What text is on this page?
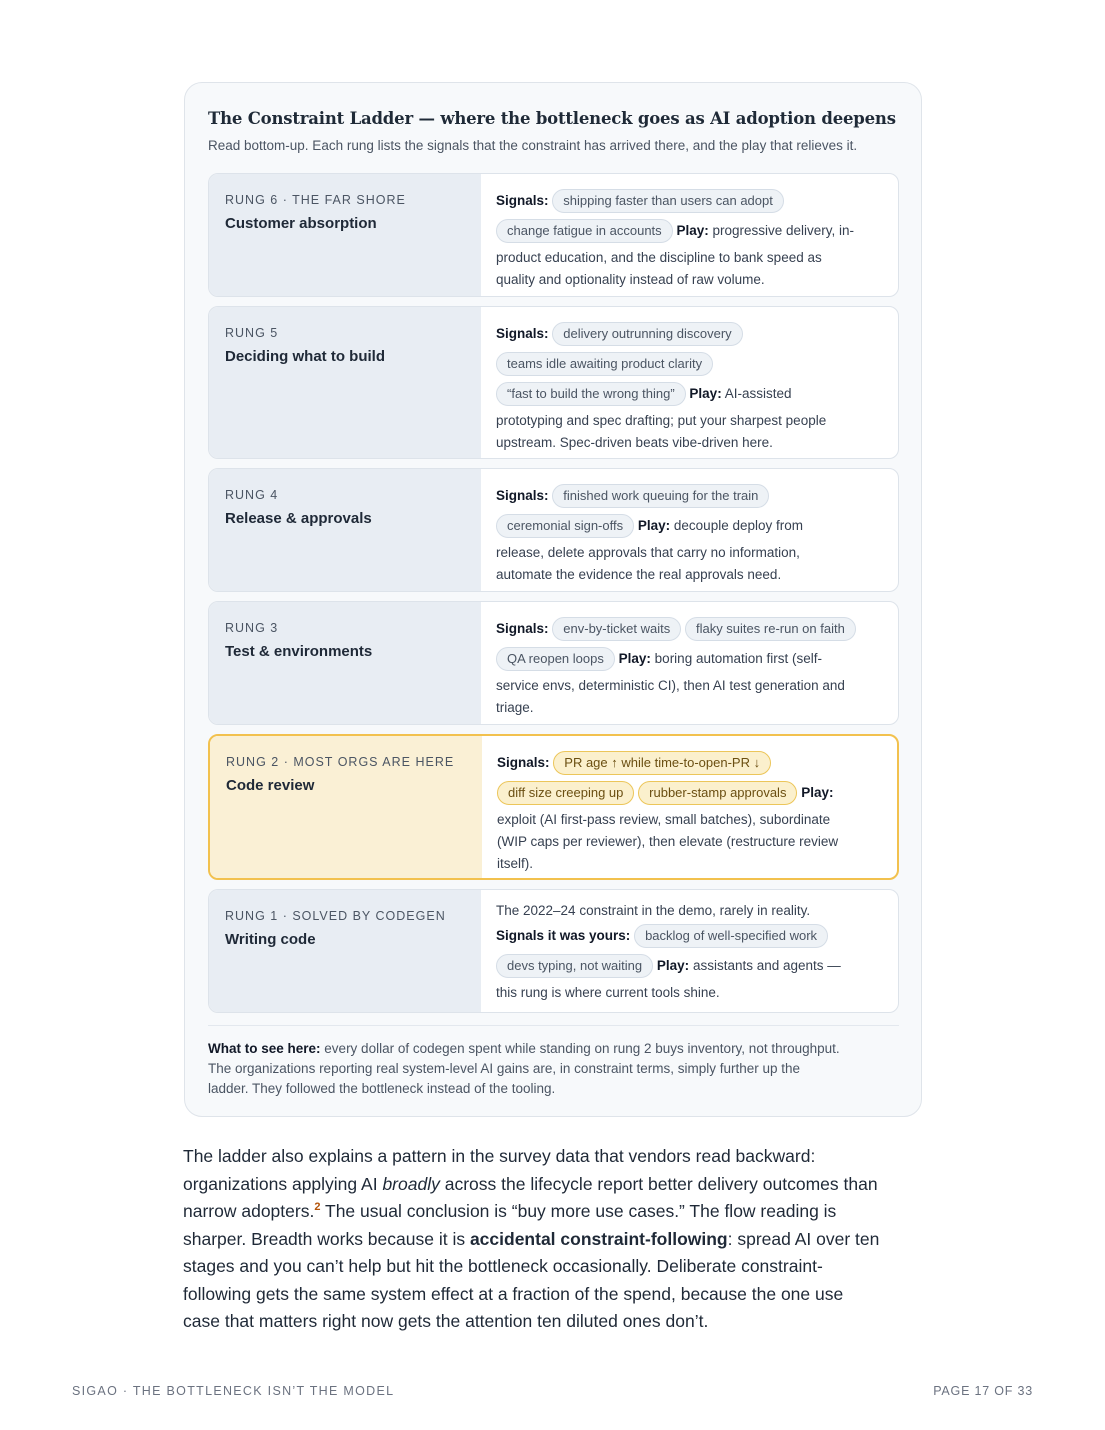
The Constraint Ladder — where the bottleneck goes as AI adoption deepens
Read bottom-up. Each rung lists the signals that the constraint has arrived there, and the play that relieves it.
RUNG 6 · THE FAR SHORE
Customer absorption
Signals: shipping faster than users can adopt
change fatigue in accounts Play: progressive delivery, in-
product education, and the discipline to bank speed as
quality and optionality instead of raw volume.
RUNG 5
Deciding what to build
Signals: delivery outrunning discovery
teams idle awaiting product clarity
“fast to build the wrong thing” Play: AI-assisted
prototyping and spec drafting; put your sharpest people
upstream. Spec-driven beats vibe-driven here.
RUNG 4
Release & approvals
Signals: finished work queuing for the train
ceremonial sign-offs Play: decouple deploy from
release, delete approvals that carry no information,
automate the evidence the real approvals need.
RUNG 3
Test & environments
Signals: env-by-ticket waits flaky suites re-run on faith
QA reopen loops Play: boring automation first (self-
service envs, deterministic CI), then AI test generation and
triage.
RUNG 2 · MOST ORGS ARE HERE
Code review
Signals: PR age ↑ while time-to-open-PR ↓
diff size creeping up rubber-stamp approvals Play:
exploit (AI first-pass review, small batches), subordinate
(WIP caps per reviewer), then elevate (restructure review
itself).
RUNG 1 · SOLVED BY CODEGEN
Writing code
The 2022–24 constraint in the demo, rarely in reality.
Signals it was yours: backlog of well-specified work
devs typing, not waiting Play: assistants and agents —
this rung is where current tools shine.
What to see here: every dollar of codegen spent while standing on rung 2 buys inventory, not throughput.
The organizations reporting real system-level AI gains are, in constraint terms, simply further up the
ladder. They followed the bottleneck instead of the tooling.
The ladder also explains a pattern in the survey data that vendors read backward:
organizations applying AI broadly across the lifecycle report better delivery outcomes than
narrow adopters.$^2$ The usual conclusion is “buy more use cases.” The flow reading is
sharper. Breadth works because it is accidental constraint-following: spread AI over ten
stages and you can’t help but hit the bottleneck occasionally. Deliberate constraint-
following gets the same system effect at a fraction of the spend, because the one use
case that matters right now gets the attention ten diluted ones don’t.
SIGAO · THE BOTTLENECK ISN’T THE MODEL	PAGE 17 OF 33
